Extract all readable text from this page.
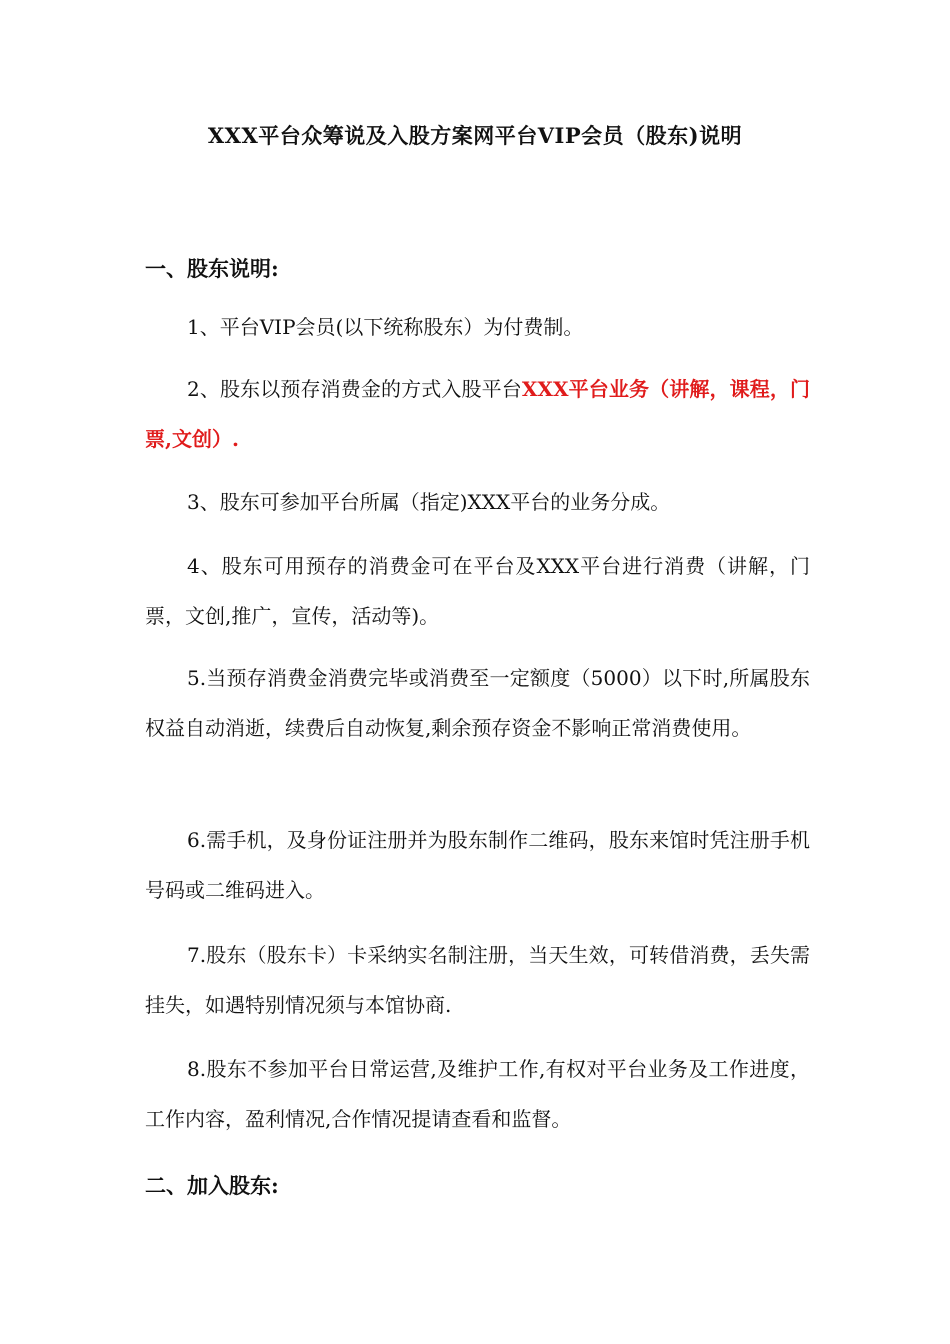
XXX平台众筹说及入股方案网平台VIP会员（股东)说明
一、股东说明:

1、平台VIP会员(以下统称股东）为付费制。

2、股东以预存消费金的方式入股平台XXX平台业务（讲解，课程，门票,文创）.

3、股东可参加平台所属（指定)XXX平台的业务分成。

4、股东可用预存的消费金可在平台及XXX平台进行消费（讲解，门票，文创,推广，宣传，活动等)。

5.当预存消费金消费完毕或消费至一定额度（5000）以下时,所属股东权益自动消逝，续费后自动恢复,剩余预存资金不影响正常消费使用。

6.需手机，及身份证注册并为股东制作二维码，股东来馆时凭注册手机号码或二维码进入。

7.股东（股东卡）卡采纳实名制注册，当天生效，可转借消费，丢失需挂失，如遇特别情况须与本馆协商.

8.股东不参加平台日常运营,及维护工作,有权对平台业务及工作进度，工作内容，盈利情况,合作情况提请查看和监督。

二、加入股东:
